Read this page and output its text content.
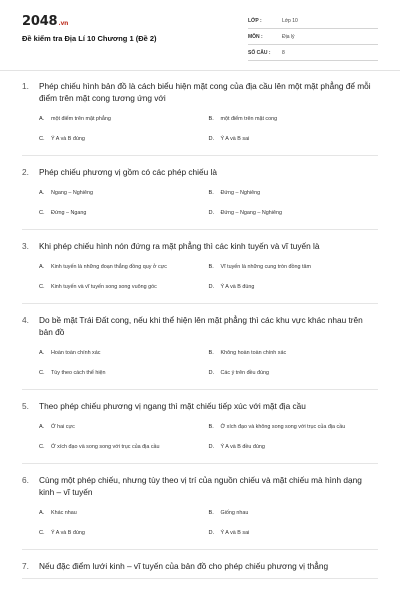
2048.vn
Đề kiểm tra Địa Lí 10 Chương 1 (Đề 2)
LỚP :	Lớp 10
MÔN :	Địa lý
SỐ CÂU :	8
1.	Phép chiếu hình bản đồ là cách biểu hiện mặt cong của địa cầu lên một mặt phẳng để mỗi điểm trên mặt cong tương ứng với
A.	một điểm trên mặt phẳng	B.	một điểm trên mặt cong
C.	Ý A và B đúng	D.	Ý A và B sai
2.	Phép chiếu phương vị gồm có các phép chiếu là
A.	Ngang – Nghiêng	B.	Đứng – Nghiêng
C.	Đứng – Ngang	D.	Đứng – Ngang – Nghiêng
3.	Khi phép chiếu hình nón đứng ra mặt phẳng thì các kinh tuyến và vĩ tuyến là
A.	Kinh tuyến là những đoạn thẳng đồng quy ở cực	B.	Vĩ tuyến là những cung tròn đồng tâm
C.	Kinh tuyến và vĩ tuyến song song vuông góc	D.	Ý A và B đúng
4.	Do bề mặt Trái Đất cong, nếu khi thể hiện lên mặt phẳng thì các khu vực khác nhau trên bản đồ
A.	Hoàn toàn chính xác	B.	Không hoàn toàn chính xác
C.	Tùy theo cách thể hiện	D.	Các ý trên đều đúng
5.	Theo phép chiếu phương vị ngang thì mặt chiếu tiếp xúc với mặt địa cầu
A.	Ở hai cực	B.	Ở xích đạo và không song song với trục của địa cầu
C.	Ở xích đạo và song song với trục của địa cầu	D.	Ý A và B đều đúng
6.	Cùng một phép chiếu, nhưng tùy theo vị trí của nguồn chiếu và mặt chiếu mà hình dạng kinh – vĩ tuyến
A.	Khác nhau	B.	Giống nhau
C.	Ý A và B đúng	D.	Ý A và B sai
7.	Nếu đặc điểm lưới kinh – vĩ tuyến của bản đồ cho phép chiếu phương vị thẳng
